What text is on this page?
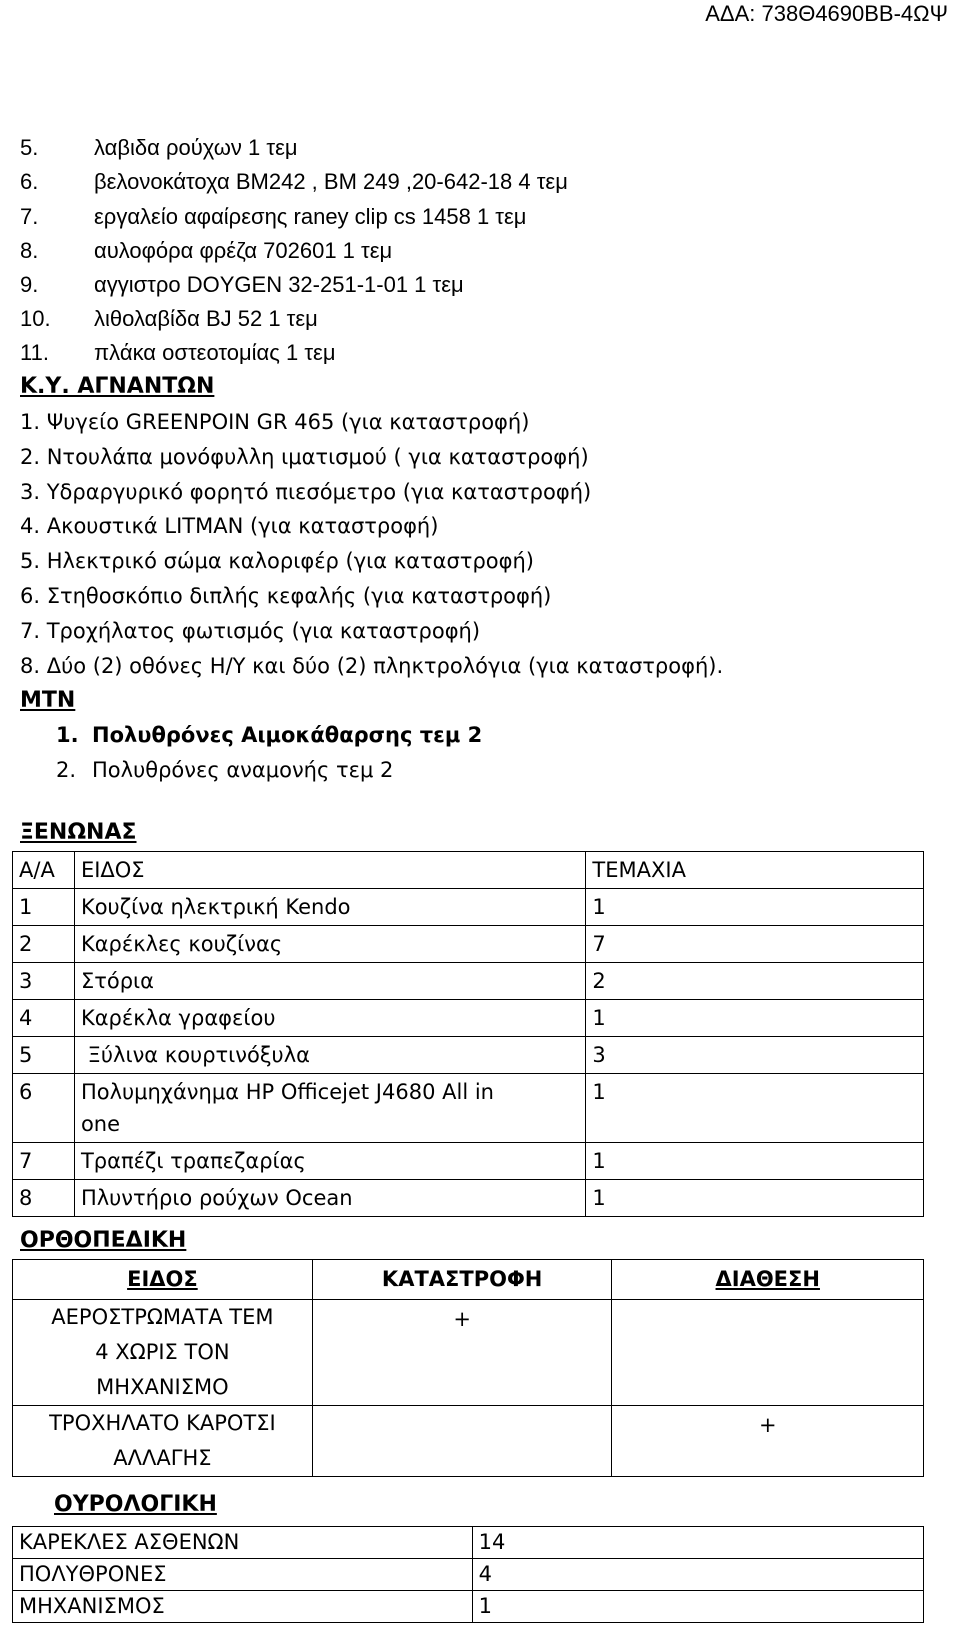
ΑΔΑ: 738Θ4690ΒΒ-4ΩΨ
5.	λαβιδα ρούχων 1 τεμ
6.	βελονοκάτοχα ΒΜ242 , ΒΜ 249 ,20-642-18 4 τεμ
7.	εργαλείο αφαίρεσης raney clip cs 1458 1 τεμ
8.	αυλοφόρα φρέζα 702601 1 τεμ
9.	αγγιστρο DOYGEN 32-251-1-01 1 τεμ
10. λιθολαβίδα BJ 52 1 τεμ
11. πλάκα οστεοτομίας 1 τεμ
Κ.Υ. ΑΓΝΑΝΤΩΝ
1. Ψυγείο GREENPOIN GR 465 (για καταστροφή)
2. Ντουλάπα μονόφυλλη ιματισμού ( για καταστροφή)
3. Υδραργυρικό φορητό πιεσόμετρο (για καταστροφή)
4. Ακουστικά LITMAN (για καταστροφή)
5. Ηλεκτρικό σώμα καλοριφέρ (για καταστροφή)
6. Στηθοσκόπιο διπλής κεφαλής (για καταστροφή)
7. Τροχήλατος φωτισμός (για καταστροφή)
8. Δύο (2) οθόνες Η/Υ και δύο (2) πληκτρολόγια (για καταστροφή).
ΜΤΝ
1. Πολυθρόνες Αιμοκάθαρσης τεμ 2
2. Πολυθρόνες αναμονής τεμ 2
ΞΕΝΩΝΑΣ
Α/Α	ΕΙΔΟΣ	ΤΕΜΑΧΙΑ
1	Κουζίνα ηλεκτρική Kendo	1
2	Καρέκλες κουζίνας	7
3	Στόρια	2
4	Καρέκλα γραφείου	1
5	Ξύλινα κουρτινόξυλα	3
6	Πολυμηχάνημα HP Officejet J4680 All in one	1
7	Τραπέζι τραπεζαρίας	1
8	Πλυντήριο ρούχων Ocean	1
ΟΡΘΟΠΕΔΙΚΗ
ΕΙΔΟΣ	ΚΑΤΑΣΤΡΟΦΗ	ΔΙΑΘΕΣΗ
ΑΕΡΟΣΤΡΩΜΑΤΑ ΤΕΜ 4 ΧΩΡΙΣ ΤΟΝ ΜΗΧΑΝΙΣΜΟ	+	
ΤΡΟΧΗΛΑΤΟ ΚΑΡΟΤΣΙ ΑΛΛΑΓΗΣ		+
ΟΥΡΟΛΟΓΙΚΗ
ΚΑΡΕΚΛΕΣ ΑΣΘΕΝΩΝ	14
ΠΟΛΥΘΡΟΝΕΣ	4
ΜΗΧΑΝΙΣΜΟΣ	1
